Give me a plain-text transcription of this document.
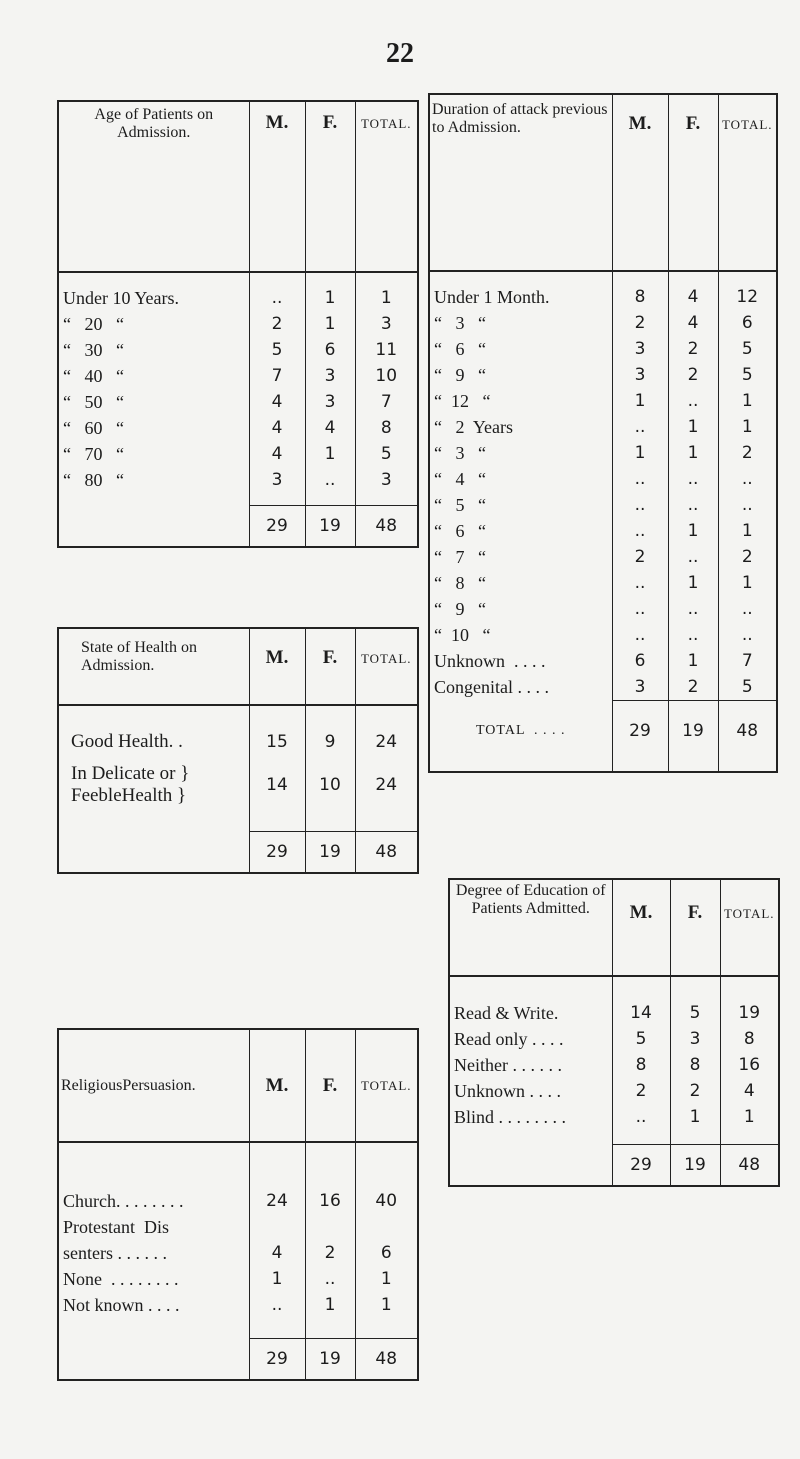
22
Age of Patients on Admission.	M.	F.	TOTAL.

Under 10 Years.	..	1	1
“   20   “	2	1	3
“   30   “	5	6	11
“   40   “	7	3	10
“   50   “	4	3	7
“   60   “	4	4	8
“   70   “	4	1	5
“   80   “	3	..	3

	29	19	48
State of Health on Admission.	M.	F.	TOTAL.

Good Health. .	15	9	24
In Delicate or }
FeebleHealth }	14	10	24

	29	19	48
ReligiousPersuasion.	M.	F.	TOTAL.

Church. . . . . . . .	24	16	40
Protestant  Dis			
senters . . . . . .	4	2	6
None  . . . . . . . .	1	..	1
Not known . . . .	..	1	1

	29	19	48
Duration of attack previous to Admission.	M.	F.	TOTAL.

Under 1 Month.	8	4	12
“   3   “	2	4	6
“   6   “	3	2	5
“   9   “	3	2	5
“  12   “	1	..	1
“   2  Years	..	1	1
“   3   “	1	1	2
“   4   “	..	..	..
“   5   “	..	..	..
“   6   “	..	1	1
“   7   “	2	..	2
“   8   “	..	1	1
“   9   “	..	..	..
“  10   “	..	..	..
Unknown  . . . .	6	1	7
Congenital . . . .	3	2	5
TOTAL  . . . .	29	19	48

Degree of Education of Patients Admitted.	M.	F.	TOTAL.

Read & Write.	14	5	19
Read only . . . .	5	3	8
Neither . . . . . .	8	8	16
Unknown . . . .	2	2	4
Blind . . . . . . . .	..	1	1

	29	19	48
